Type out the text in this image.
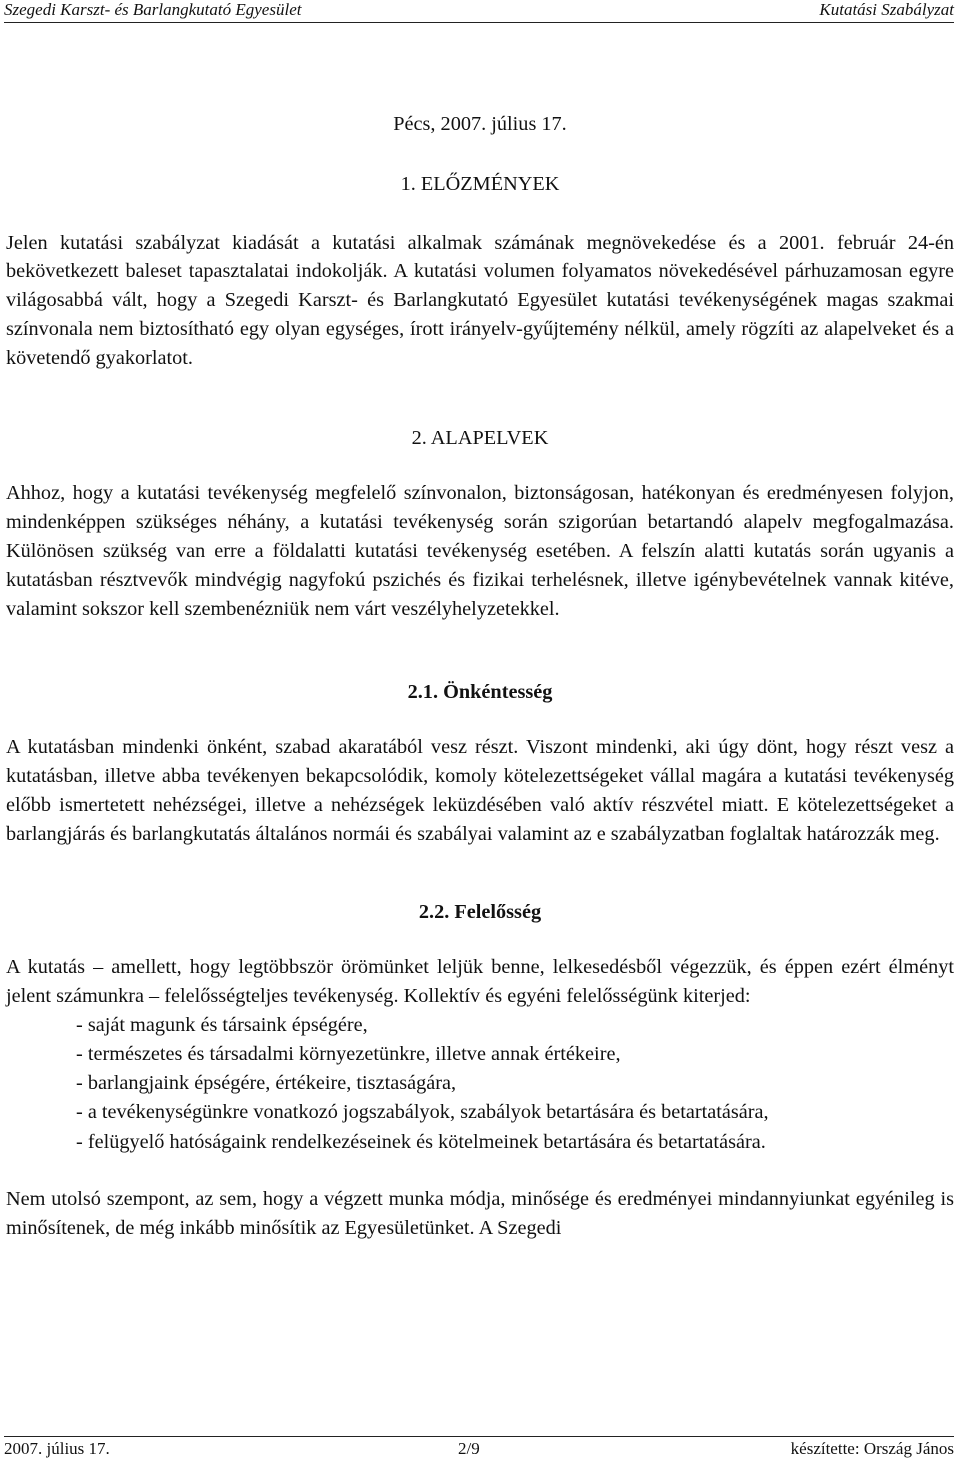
Szegedi Karszt- és Barlangkutató Egyesület	Kutatási Szabályzat

Pécs, 2007. július 17.

1. ELŐZMÉNYEK

Jelen kutatási szabályzat kiadását a kutatási alkalmak számának megnövekedése és a 2001. február 24-én bekövetkezett baleset tapasztalatai indokolják. A kutatási volumen folyamatos növekedésével párhuzamosan egyre világosabbá vált, hogy a Szegedi Karszt- és Barlangkutató Egyesület kutatási tevékenységének magas szakmai színvonala nem biztosítható egy olyan egységes, írott irányelv-gyűjtemény nélkül, amely rögzíti az alapelveket és a követendő gyakorlatot.

2. ALAPELVEK

Ahhoz, hogy a kutatási tevékenység megfelelő színvonalon, biztonságosan, hatékonyan és eredményesen folyjon, mindenképpen szükséges néhány, a kutatási tevékenység során szigorúan betartandó alapelv megfogalmazása. Különösen szükség van erre a földalatti kutatási tevékenység esetében. A felszín alatti kutatás során ugyanis a kutatásban résztvevők mindvégig nagyfokú pszichés és fizikai terhelésnek, illetve igénybevételnek vannak kitéve, valamint sokszor kell szembenézniük nem várt veszélyhelyzetekkel.

2.1. Önkéntesség

A kutatásban mindenki önként, szabad akaratából vesz részt. Viszont mindenki, aki úgy dönt, hogy részt vesz a kutatásban, illetve abba tevékenyen bekapcsolódik, komoly kötelezettségeket vállal magára a kutatási tevékenység előbb ismertetett nehézségei, illetve a nehézségek leküzdésében való aktív részvétel miatt. E kötelezettségeket a barlangjárás és barlangkutatás általános normái és szabályai valamint az e szabályzatban foglaltak határozzák meg.

2.2. Felelősség

A kutatás – amellett, hogy legtöbbször örömünket leljük benne, lelkesedésből végezzük, és éppen ezért élményt jelent számunkra – felelősségteljes tevékenység. Kollektív és egyéni felelősségünk kiterjed:

- saját magunk és társaink épségére,
- természetes és társadalmi környezetünkre, illetve annak értékeire,
- barlangjaink épségére, értékeire, tisztaságára,
- a tevékenységünkre vonatkozó jogszabályok, szabályok betartására és betartatására,
- felügyelő hatóságaink rendelkezéseinek és kötelmeinek betartására és betartatására.

Nem utolsó szempont, az sem, hogy a végzett munka módja, minősége és eredményei mindannyiunkat egyénileg is minősítenek, de még inkább minősítik az Egyesületünket. A Szegedi

2007. július 17.	2/9	készítette: Ország János
